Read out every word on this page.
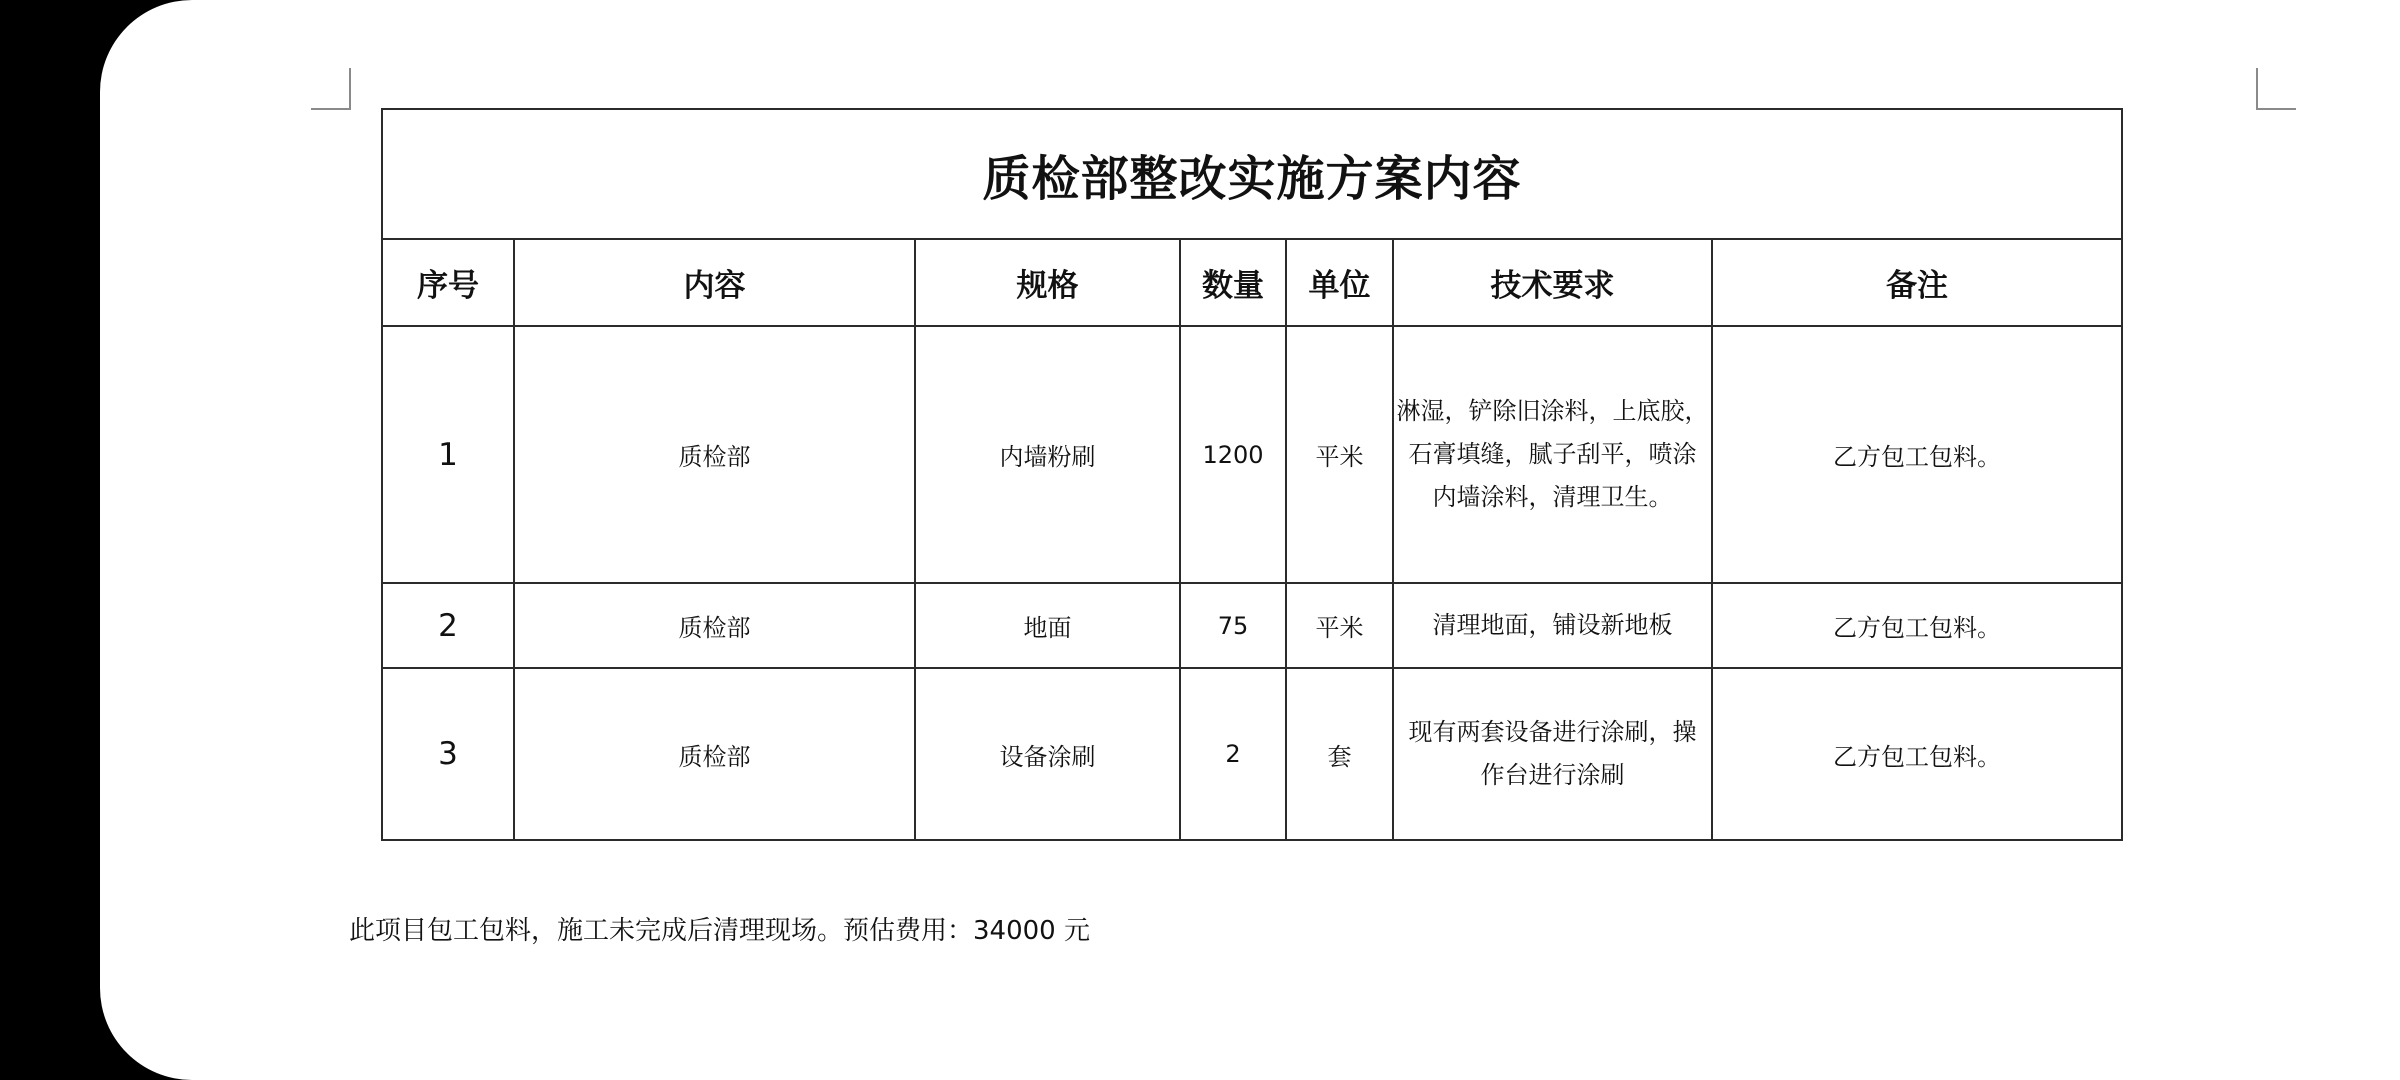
质检部整改实施方案内容						
序号	内容	规格	数量	单位	技术要求	备注
1	质检部	内墙粉刷	1200	平米	淋湿，铲除旧涂料，上底胶，
石膏填缝，腻子刮平，喷涂
内墙涂料，清理卫生。	乙方包工包料。
2	质检部	地面	75	平米	清理地面，铺设新地板	乙方包工包料。
3	质检部	设备涂刷	2	套	现有两套设备进行涂刷，操
作台进行涂刷	乙方包工包料。
此项目包工包料，施工未完成后清理现场。预估费用：34000 元
